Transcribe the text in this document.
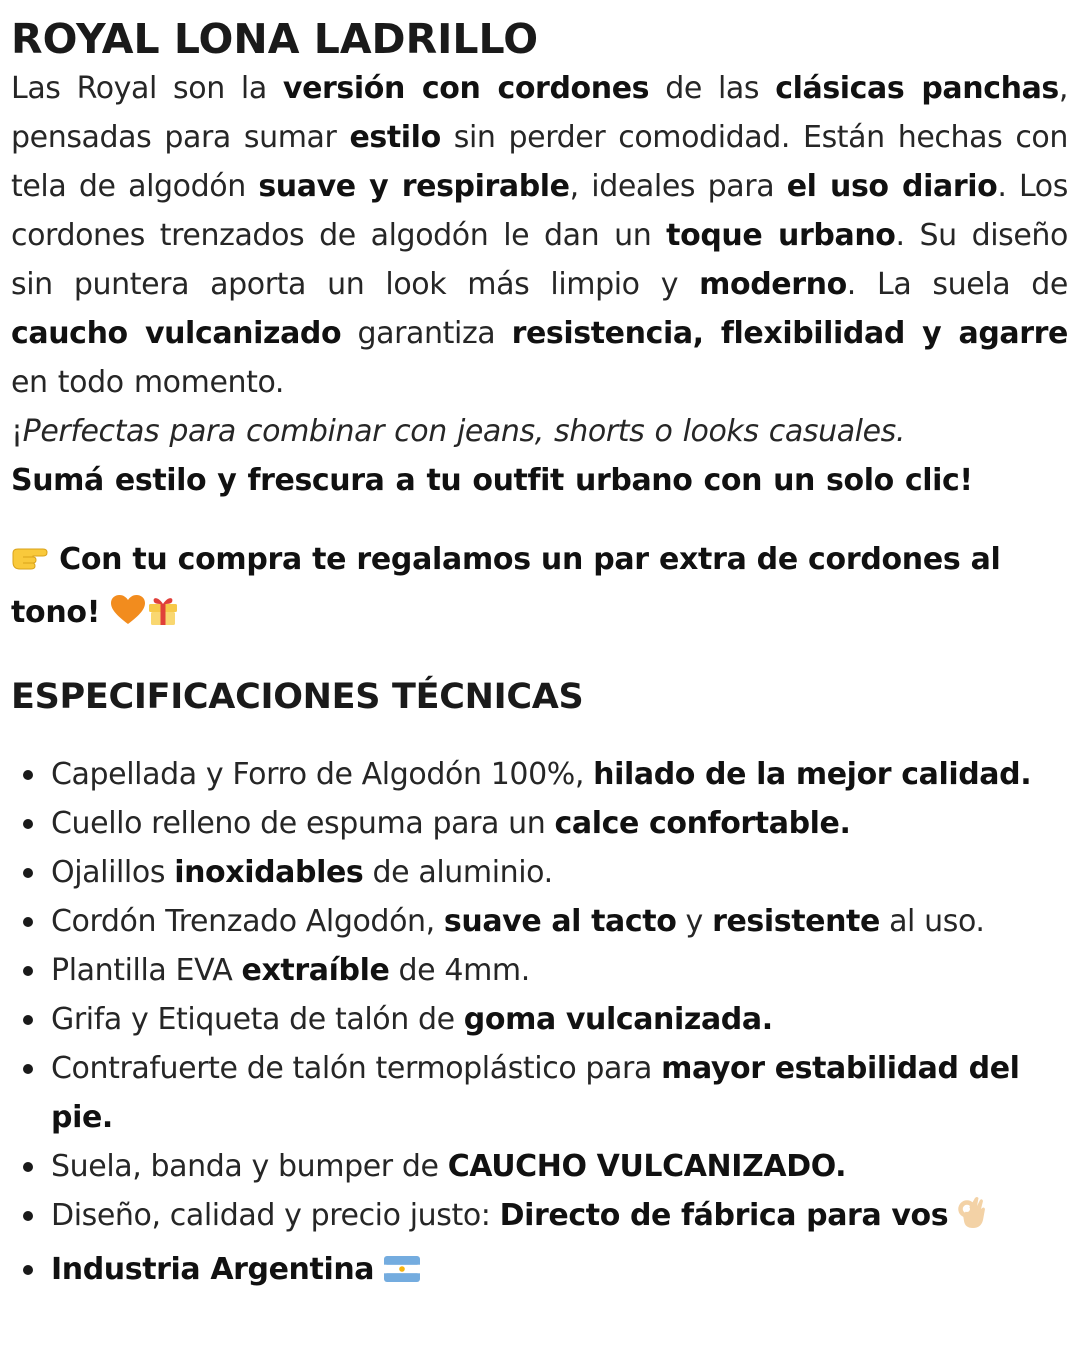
ROYAL LONA LADRILLO

Las Royal son la versión con cordones de las clásicas panchas, pensadas para sumar estilo sin perder comodidad. Están hechas con tela de algodón suave y respirable, ideales para el uso diario. Los cordones trenzados de algodón le dan un toque urbano. Su diseño sin puntera aporta un look más limpio y moderno. La suela de caucho vulcanizado garantiza resistencia, flexibilidad y agarre en todo momento.

¡Perfectas para combinar con jeans, shorts o looks casuales.

Sumá estilo y frescura a tu outfit urbano con un solo clic!

Con tu compra te regalamos un par extra de cordones al tono!
ESPECIFICACIONES TÉCNICAS
Capellada y Forro de Algodón 100%, hilado de la mejor calidad.
Cuello relleno de espuma para un calce confortable.
Ojalillos inoxidables de aluminio.
Cordón Trenzado Algodón, suave al tacto y resistente al uso.
Plantilla EVA extraíble de 4mm.
Grifa y Etiqueta de talón de goma vulcanizada.
Contrafuerte de talón termoplástico para mayor estabilidad del pie.
Suela, banda y bumper de CAUCHO VULCANIZADO.
Diseño, calidad y precio justo: Directo de fábrica para vos
Industria Argentina
